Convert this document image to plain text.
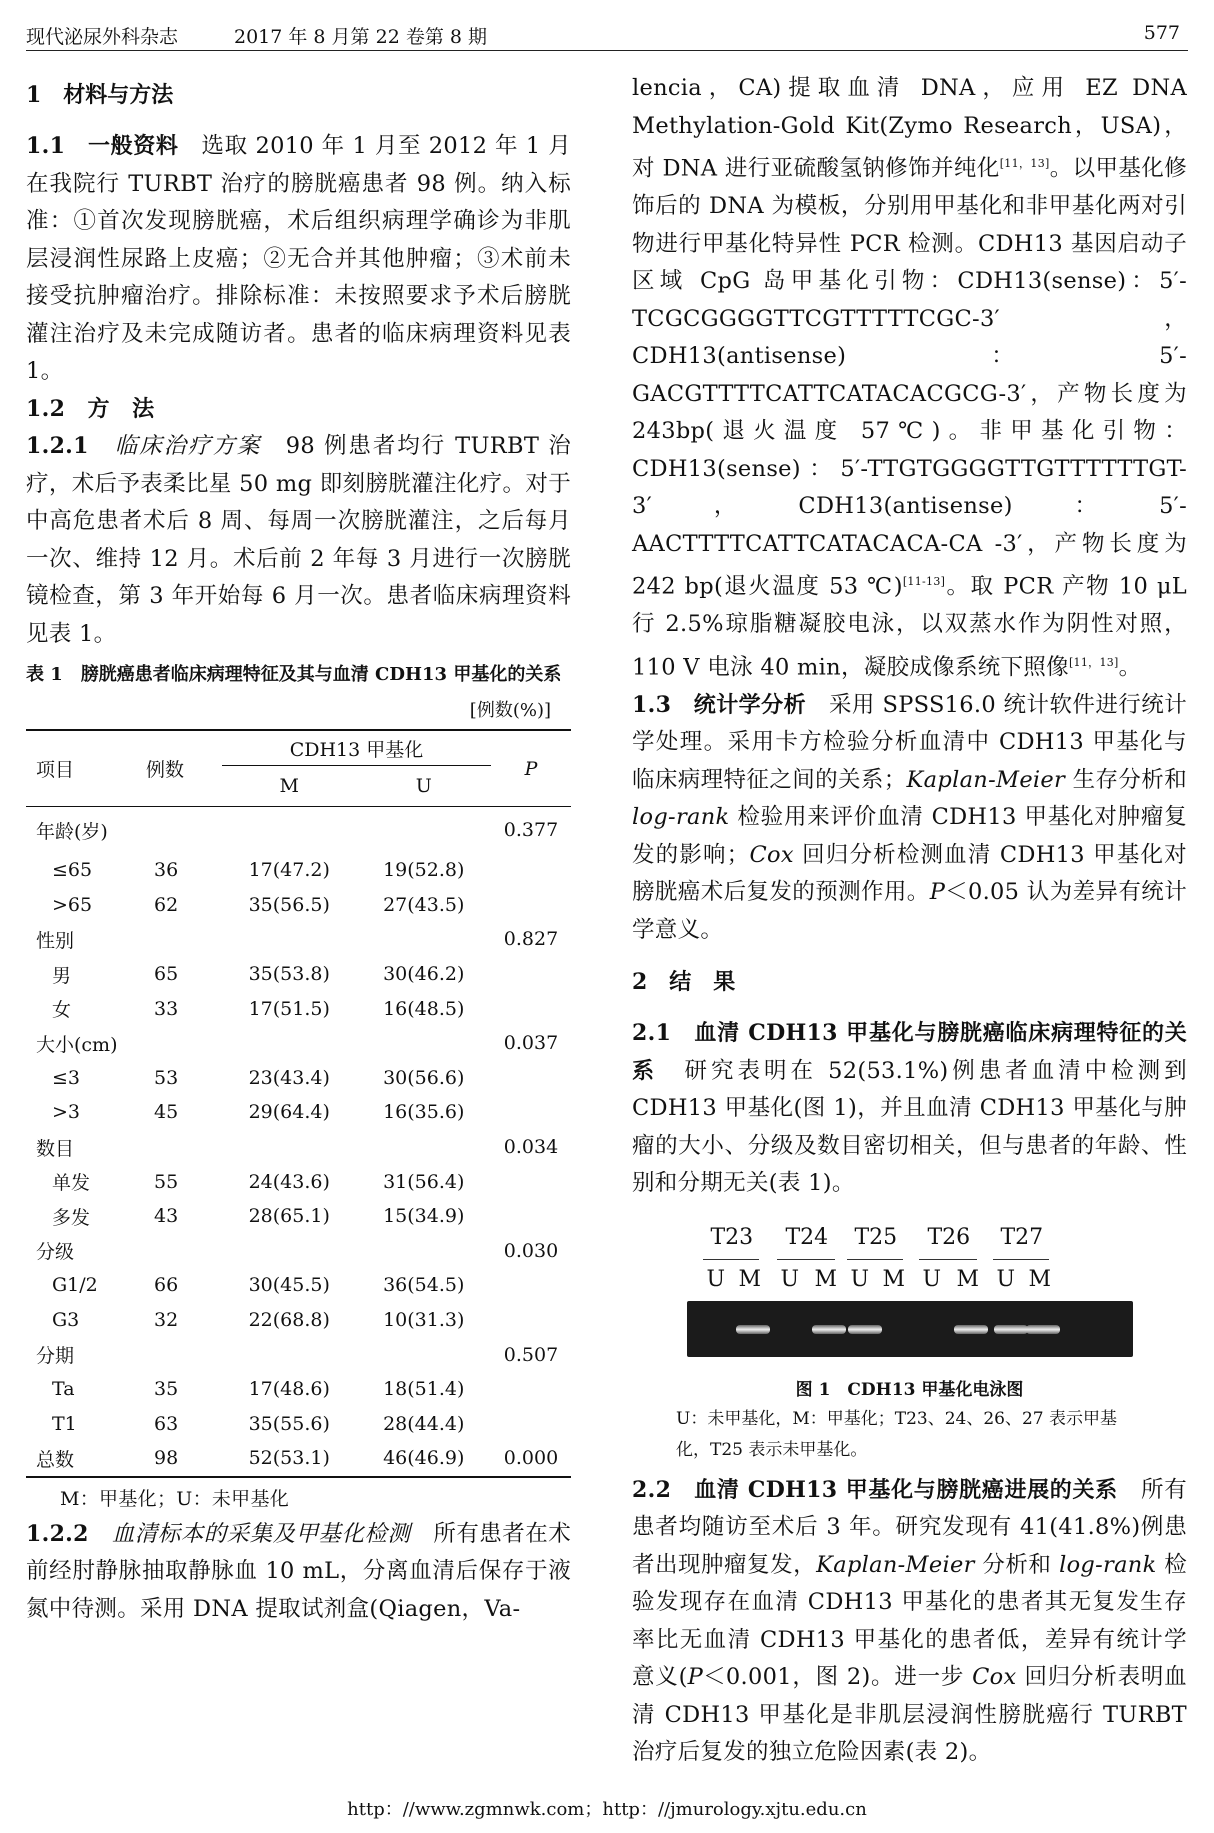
现代泌尿外科杂志	2017 年 8 月第 22 卷第 8 期	577

1　材料与方法

1.1　一般资料　选取 2010 年 1 月至 2012 年 1 月在我院行 TURBT 治疗的膀胱癌患者 98 例。纳入标准：①首次发现膀胱癌，术后组织病理学确诊为非肌层浸润性尿路上皮癌；②无合并其他肿瘤；③术前未接受抗肿瘤治疗。排除标准：未按照要求予术后膀胱灌注治疗及未完成随访者。患者的临床病理资料见表 1。

1.2　方　法

1.2.1　临床治疗方案　98 例患者均行 TURBT 治疗，术后予表柔比星 50 mg 即刻膀胱灌注化疗。对于中高危患者术后 8 周、每周一次膀胱灌注，之后每月一次、维持 12 月。术后前 2 年每 3 月进行一次膀胱镜检查，第 3 年开始每 6 月一次。患者临床病理资料见表 1。

表 1　膀胱癌患者临床病理特征及其与血清 CDH13 甲基化的关系
[例数(%)]

项目	例数	CDH13 甲基化		P
		M	U	
年龄(岁)				0.377
≤65	36	17(47.2)	19(52.8)	
>65	62	35(56.5)	27(43.5)	
性别				0.827
男	65	35(53.8)	30(46.2)	
女	33	17(51.5)	16(48.5)	
大小(cm)				0.037
≤3	53	23(43.4)	30(56.6)	
>3	45	29(64.4)	16(35.6)	
数目				0.034
单发	55	24(43.6)	31(56.4)	
多发	43	28(65.1)	15(34.9)	
分级				0.030
G1/2	66	30(45.5)	36(54.5)	
G3	32	22(68.8)	10(31.3)	
分期				0.507
Ta	35	17(48.6)	18(51.4)	
T1	63	35(55.6)	28(44.4)	
总数	98	52(53.1)	46(46.9)	0.000

M：甲基化；U：未甲基化

1.2.2　血清标本的采集及甲基化检测　所有患者在术前经肘静脉抽取静脉血 10 mL，分离血清后保存于液氮中待测。采用 DNA 提取试剂盒(Qiagen，Va-

lencia，CA)提取血清 DNA，应用 EZ DNA Methylation-Gold Kit(Zymo Research，USA)，对 DNA 进行亚硫酸氢钠修饰并纯化[11，13]。以甲基化修饰后的 DNA 为模板，分别用甲基化和非甲基化两对引物进行甲基化特异性 PCR 检测。CDH13 基因启动子区域 CpG 岛甲基化引物：CDH13(sense)：5′-TCGCGGGGTTCGTTTTTCGC-3′，CDH13(antisense)：5′-GACGTTTTCATTCATACACGCG-3′，产物长度为 243bp(退火温度 57℃)。非甲基化引物：CDH13(sense)：5′-TTGTGGGGTTGTTTTTTGT-3′，CDH13(antisense)：5′-AACTTTTCATTCATACACA-CA -3′，产物长度为 242 bp(退火温度 53 ℃)[11-13]。取 PCR 产物 10 μL 行 2.5%琼脂糖凝胶电泳，以双蒸水作为阴性对照，110 V 电泳 40 min，凝胶成像系统下照像[11，13]。

1.3　统计学分析　采用 SPSS16.0 统计软件进行统计学处理。采用卡方检验分析血清中 CDH13 甲基化与临床病理特征之间的关系；Kaplan-Meier 生存分析和 log-rank 检验用来评价血清 CDH13 甲基化对肿瘤复发的影响；Cox 回归分析检测血清 CDH13 甲基化对膀胱癌术后复发的预测作用。P＜0.05 认为差异有统计学意义。

2　结　果

2.1　血清 CDH13 甲基化与膀胱癌临床病理特征的关系　研究表明在 52(53.1%)例患者血清中检测到 CDH13 甲基化(图 1)，并且血清 CDH13 甲基化与肿瘤的大小、分级及数目密切相关，但与患者的年龄、性别和分期无关(表 1)。

T23 T24 T25 T26 T27
U M U M U M U M U M
图 1　CDH13 甲基化电泳图

U：未甲基化，M：甲基化；T23、24、26、27 表示甲基化，T25 表示未甲基化。

2.2　血清 CDH13 甲基化与膀胱癌进展的关系　所有患者均随访至术后 3 年。研究发现有 41(41.8%)例患者出现肿瘤复发，Kaplan-Meier 分析和 log-rank 检验发现存在血清 CDH13 甲基化的患者其无复发生存率比无血清 CDH13 甲基化的患者低，差异有统计学意义(P＜0.001，图 2)。进一步 Cox 回归分析表明血清 CDH13 甲基化是非肌层浸润性膀胱癌行 TURBT 治疗后复发的独立危险因素(表 2)。

http：//www.zgmnwk.com；http：//jmurology.xjtu.edu.cn
